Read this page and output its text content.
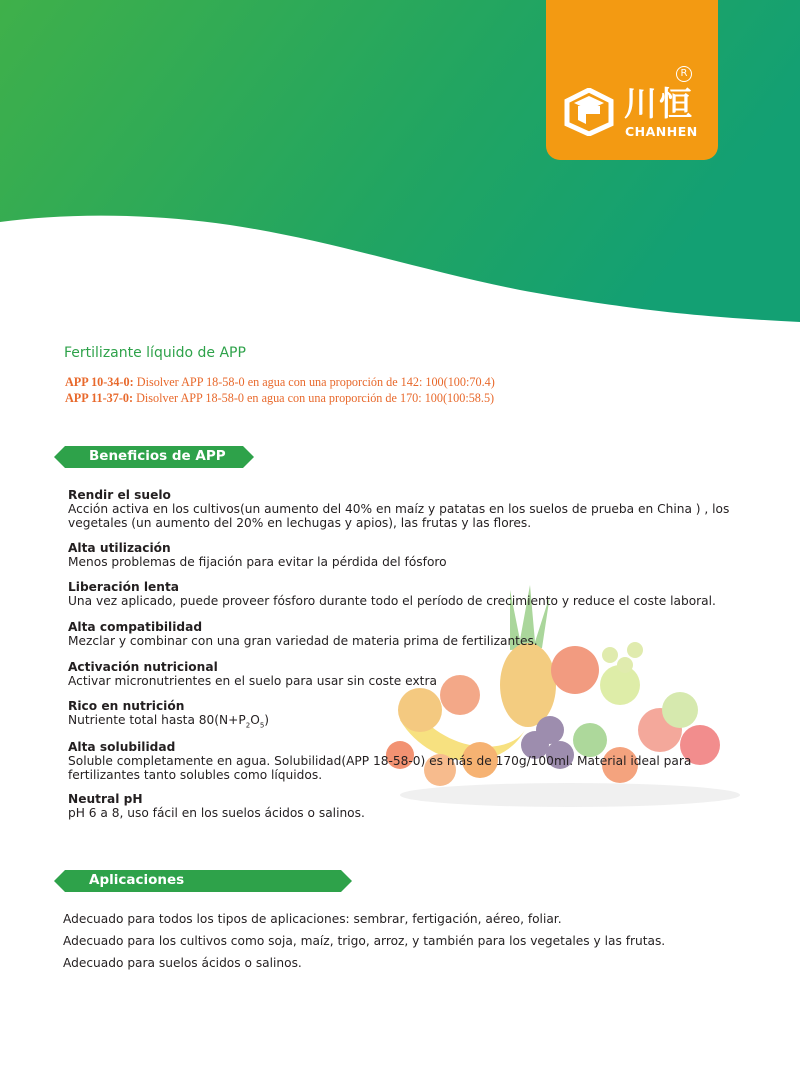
川恒
CHANHEN
R
Fertilizante líquido de APP
APP 10-34-0: Disolver APP 18-58-0 en agua con una proporción de 142: 100(100:70.4)
APP 11-37-0: Disolver APP 18-58-0 en agua con una proporción de 170: 100(100:58.5)
Beneficios de APP
Rendir el suelo
Acción activa en los cultivos(un aumento del 40% en maíz y patatas en los suelos de prueba en China ) , los vegetales (un aumento del 20% en lechugas y apios), las frutas y las flores.
Alta utilización
Menos problemas de fijación para evitar la pérdida del fósforo
Liberación lenta
Una vez aplicado, puede proveer fósforo durante todo el período de crecimiento y reduce el coste laboral.
Alta compatibilidad
Mezclar y combinar con una gran variedad de materia prima de fertilizantes.
Activación nutricional
Activar micronutrientes en el suelo para usar sin coste extra
Rico en nutrición
Nutriente total hasta $80(N+P_2O_5)$
Alta solubilidad
Soluble completamente en agua. Solubilidad(APP 18-58-0) es más de 170g/100ml. Material ideal para fertilizantes tanto solubles como líquidos.
Neutral pH
pH 6 a 8, uso fácil en los suelos ácidos o salinos.
Aplicaciones
Adecuado para todos los tipos de aplicaciones: sembrar, fertigación, aéreo, foliar.
Adecuado para los cultivos como soja, maíz, trigo, arroz, y también para los vegetales y las frutas.
Adecuado para suelos ácidos o salinos.
